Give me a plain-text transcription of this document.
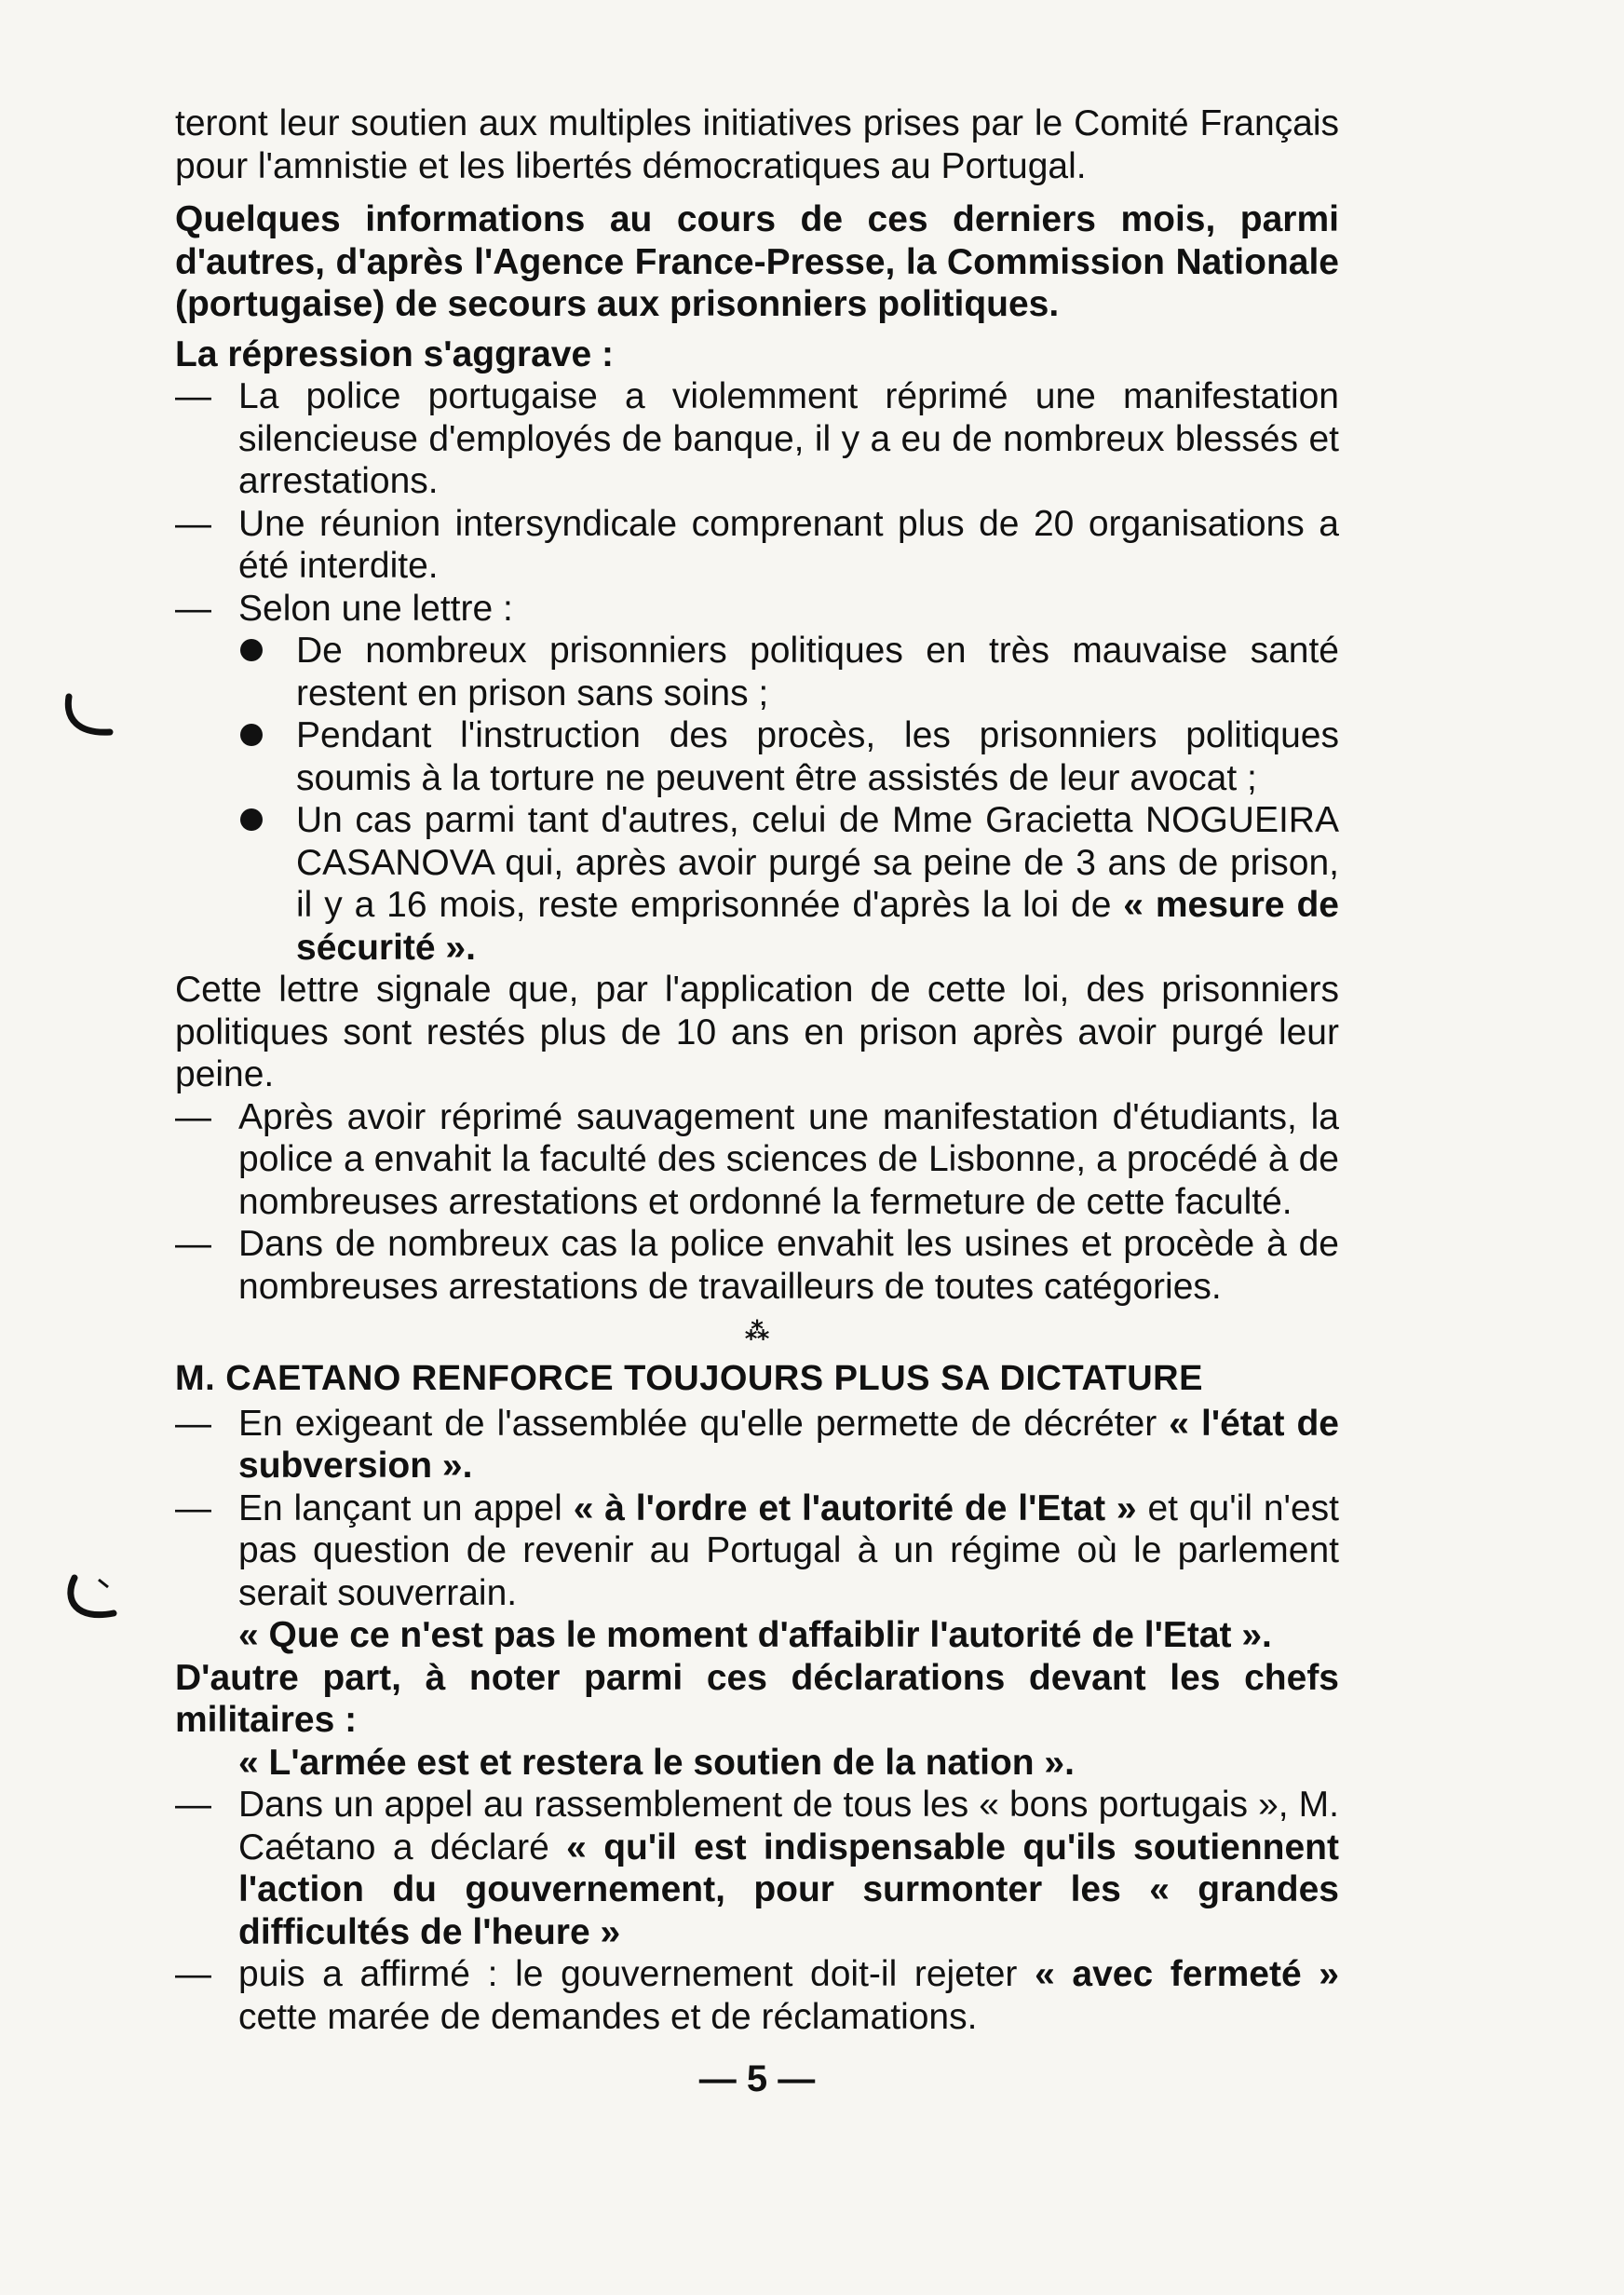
teront leur soutien aux multiples initiatives prises par le Comité Français pour l'amnistie et les libertés démocratiques au Portugal.

Quelques informations au cours de ces derniers mois, parmi d'autres, d'après l'Agence France-Presse, la Commission Nationale (portugaise) de secours aux prisonniers politiques.

La répression s'aggrave :

— La police portugaise a violemment réprimé une manifestation silencieuse d'employés de banque, il y a eu de nombreux blessés et arrestations.
— Une réunion intersyndicale comprenant plus de 20 organisations a été interdite.
— Selon une lettre :
De nombreux prisonniers politiques en très mauvaise santé restent en prison sans soins ;
Pendant l'instruction des procès, les prisonniers politiques soumis à la torture ne peuvent être assistés de leur avocat ;
Un cas parmi tant d'autres, celui de Mme Gracietta NOGUEIRA CASANOVA qui, après avoir purgé sa peine de 3 ans de prison, il y a 16 mois, reste emprisonnée d'après la loi de « mesure de sécurité ».

Cette lettre signale que, par l'application de cette loi, des prisonniers politiques sont restés plus de 10 ans en prison après avoir purgé leur peine.

— Après avoir réprimé sauvagement une manifestation d'étudiants, la police a envahit la faculté des sciences de Lisbonne, a procédé à de nombreuses arrestations et ordonné la fermeture de cette faculté.
— Dans de nombreux cas la police envahit les usines et procède à de nombreuses arrestations de travailleurs de toutes catégories.
⁂

M. CAETANO RENFORCE TOUJOURS PLUS SA DICTATURE

— En exigeant de l'assemblée qu'elle permette de décréter « l'état de subversion ».
— En lançant un appel « à l'ordre et l'autorité de l'Etat » et qu'il n'est pas question de revenir au Portugal à un régime où le parlement serait souverrain.

« Que ce n'est pas le moment d'affaiblir l'autorité de l'Etat ».

D'autre part, à noter parmi ces déclarations devant les chefs militaires :

« L'armée est et restera le soutien de la nation ».

— Dans un appel au rassemblement de tous les « bons portugais », M. Caétano a déclaré « qu'il est indispensable qu'ils soutiennent l'action du gouvernement, pour surmonter les « grandes difficultés de l'heure »
— puis a affirmé : le gouvernement doit-il rejeter « avec fermeté » cette marée de demandes et de réclamations.
— 5 —
